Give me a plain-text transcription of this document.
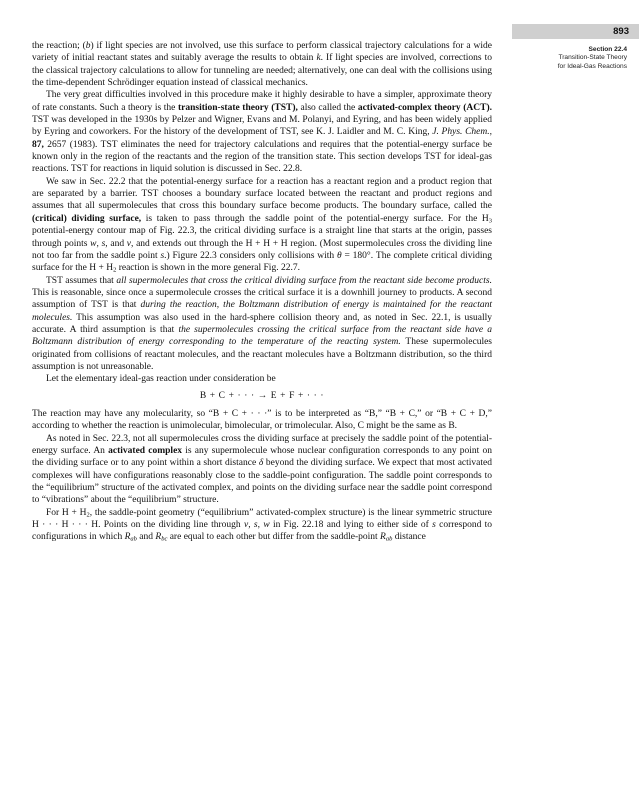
893
Section 22.4
Transition-State Theory
for Ideal-Gas Reactions

the reaction; (b) if light species are not involved, use this surface to perform classical trajectory calculations for a wide variety of initial reactant states and suitably average the results to obtain k. If light species are involved, corrections to the classical trajectory calculations to allow for tunneling are needed; alternatively, one can deal with the collisions using the time-dependent Schrödinger equation instead of classical mechanics.

The very great difficulties involved in this procedure make it highly desirable to have a simpler, approximate theory of rate constants. Such a theory is the transition-state theory (TST), also called the activated-complex theory (ACT). TST was developed in the 1930s by Pelzer and Wigner, Evans and M. Polanyi, and Eyring, and has been widely applied by Eyring and coworkers. For the history of the development of TST, see K. J. Laidler and M. C. King, J. Phys. Chem., 87, 2657 (1983). TST eliminates the need for trajectory calculations and requires that the potential-energy surface be known only in the region of the reactants and the region of the transition state. This section develops TST for ideal-gas reactions. TST for reactions in liquid solution is discussed in Sec. 22.8.

We saw in Sec. 22.2 that the potential-energy surface for a reaction has a reactant region and a product region that are separated by a barrier. TST chooses a boundary surface located between the reactant and product regions and assumes that all supermolecules that cross this boundary surface become products. The boundary surface, called the (critical) dividing surface, is taken to pass through the saddle point of the potential-energy surface. For the $H_3$ potential-energy contour map of Fig. 22.3, the critical dividing surface is a straight line that starts at the origin, passes through points w, s, and v, and extends out through the H + H + H region. (Most supermolecules cross the dividing line not too far from the saddle point s.) Figure 22.3 considers only collisions with θ = 180°. The complete critical dividing surface for the $H + H_2$ reaction is shown in the more general Fig. 22.7.

TST assumes that all supermolecules that cross the critical dividing surface from the reactant side become products. This is reasonable, since once a supermolecule crosses the critical surface it is a downhill journey to products. A second assumption of TST is that during the reaction, the Boltzmann distribution of energy is maintained for the reactant molecules. This assumption was also used in the hard-sphere collision theory and, as noted in Sec. 22.1, is usually accurate. A third assumption is that the supermolecules crossing the critical surface from the reactant side have a Boltzmann distribution of energy corresponding to the temperature of the reacting system. These supermolecules originated from collisions of reactant molecules, and the reactant molecules have a Boltzmann distribution, so the third assumption is not unreasonable.

Let the elementary ideal-gas reaction under consideration be

B + C + · · · → E + F + · · ·

The reaction may have any molecularity, so “B + C + · · ·” is to be interpreted as “B,” “B + C,” or “B + C + D,” according to whether the reaction is unimolecular, bimolecular, or trimolecular. Also, C might be the same as B.

As noted in Sec. 22.3, not all supermolecules cross the dividing surface at precisely the saddle point of the potential-energy surface. An activated complex is any supermolecule whose nuclear configuration corresponds to any point on the dividing surface or to any point within a short distance δ beyond the dividing surface. We expect that most activated complexes will have configurations reasonably close to the saddle-point configuration. The saddle point corresponds to the “equilibrium” structure of the activated complex, and points on the dividing surface near the saddle point correspond to “vibrations” about the “equilibrium” structure.

For $H + H_2$, the saddle-point geometry (“equilibrium” activated-complex structure) is the linear symmetric structure H · · · H · · · H. Points on the dividing line through v, s, w in Fig. 22.18 and lying to either side of s correspond to configurations in which $R_{ab}$ and $R_{bc}$ are equal to each other but differ from the saddle-point $R_{ab}$ distance
